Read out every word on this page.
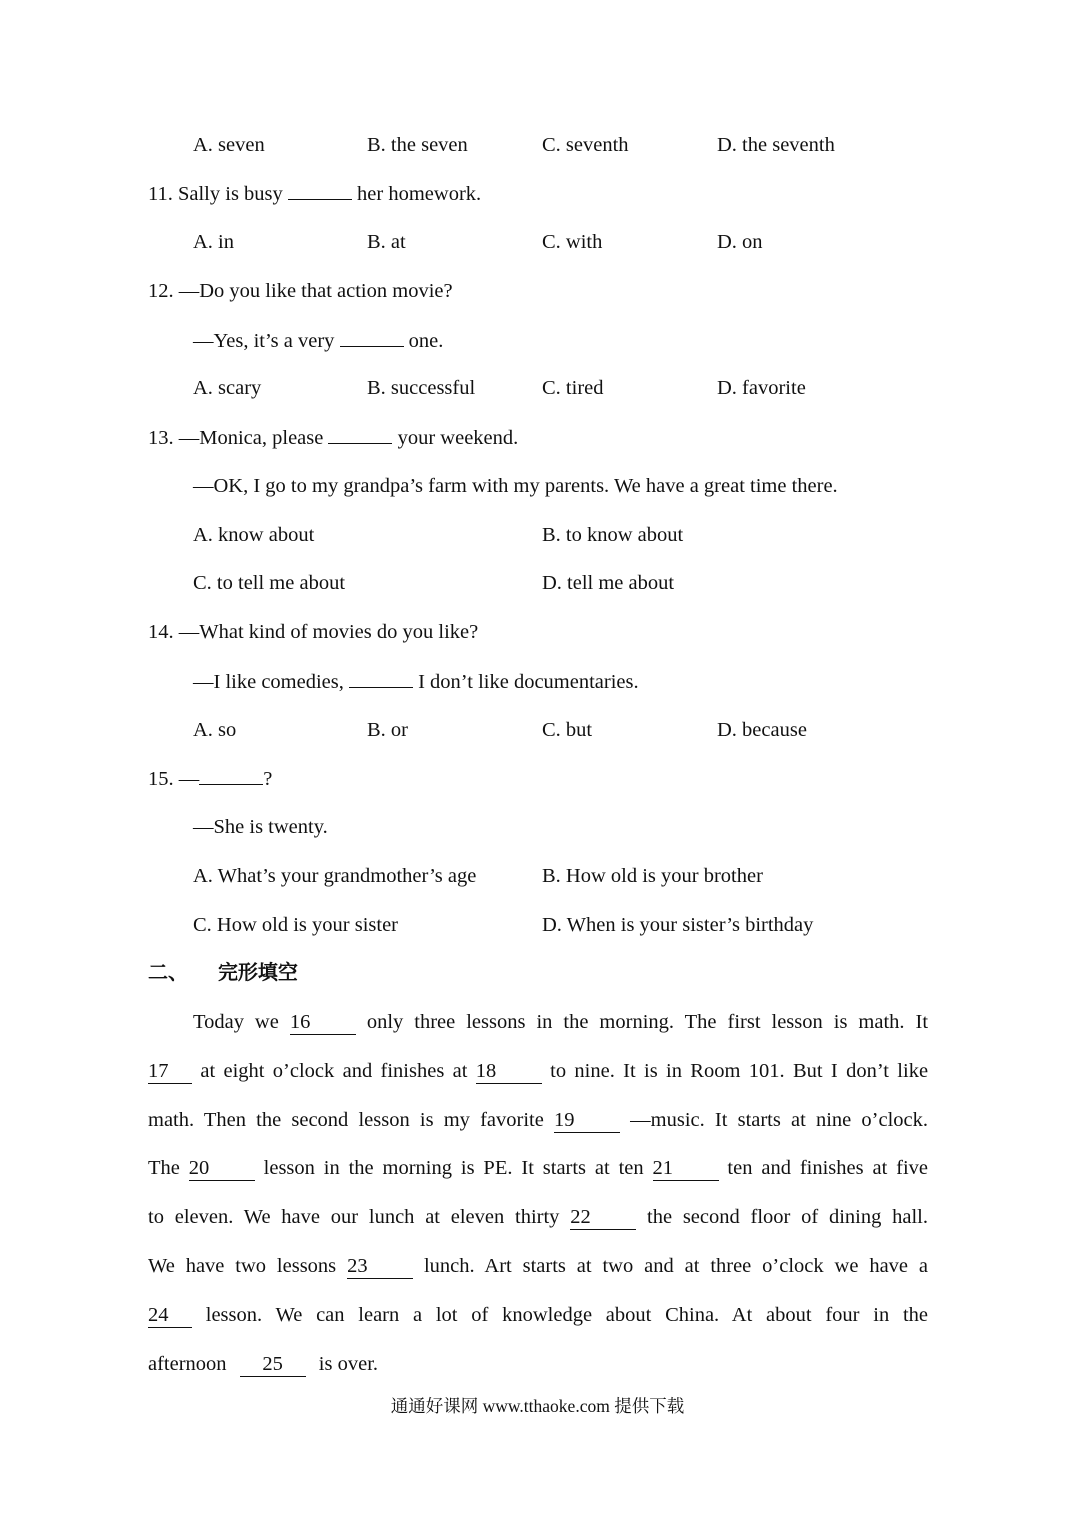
A. seven	B. the seven	C. seventh	D. the seventh
11. Sally is busy	her homework.
A. in	B. at	C. with	D. on
12. —Do you like that action movie?
—Yes, it’s a very	one.
A. scary	B. successful	C. tired	D. favorite
13. —Monica, please	your weekend.
—OK, I go to my grandpa’s farm with my parents. We have a great time there.
A. know about	B. to know about
C. to tell me about	D. tell me about
14. —What kind of movies do you like?
—I like comedies,	I don’t like documentaries.
A. so	B. or	C. but	D. because
15. —	?
—She is twenty.
A. What’s your grandmother’s age	B. How old is your brother
C. How old is your sister	D. When is your sister’s birthday
二、 完形填空
Today we 16	only three lessons in the morning. The first lesson is math. It
17 at eight o’clock and finishes at 18	to nine. It is in Room 101. But I don’t like
math. Then the second lesson is my favorite 19	—music. It starts at nine o’clock.
The 20	lesson in the morning is PE. It starts at ten 21	ten and finishes at five
to eleven. We have our lunch at eleven thirty 22	the second floor of dining hall.
We have two lessons 23	lunch. Art starts at two and at three o’clock we have a
24 lesson. We can learn a lot of knowledge about China. At about four in the
afternoon 25 is over.
通通好课网 www.tthaoke.com 提供下载
